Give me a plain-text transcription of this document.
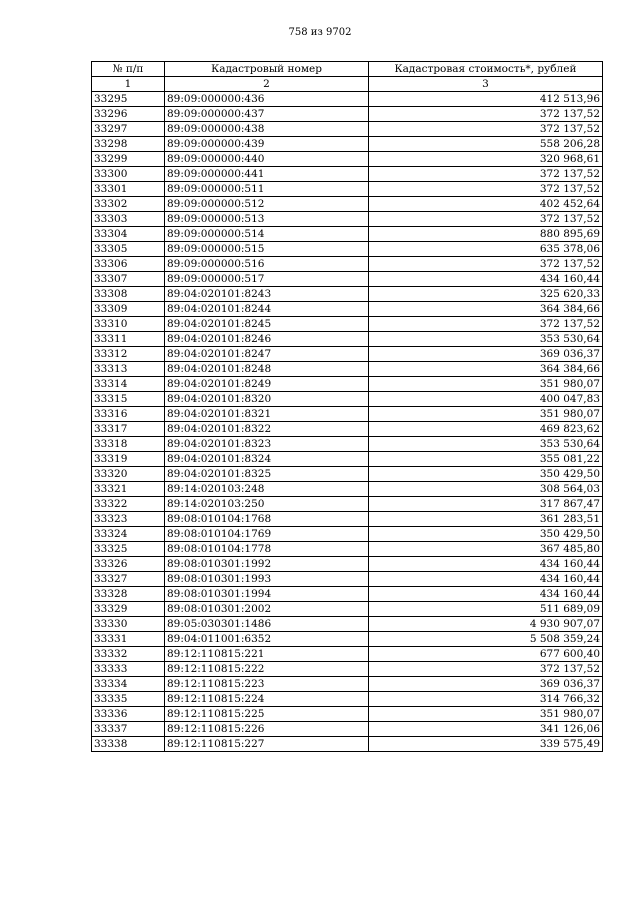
758 из 9702
№ п/п	Кадастровый номер	Кадастровая стоимость*, рублей
1	2	3
33295	89:09:000000:436	412 513,96
33296	89:09:000000:437	372 137,52
33297	89:09:000000:438	372 137,52
33298	89:09:000000:439	558 206,28
33299	89:09:000000:440	320 968,61
33300	89:09:000000:441	372 137,52
33301	89:09:000000:511	372 137,52
33302	89:09:000000:512	402 452,64
33303	89:09:000000:513	372 137,52
33304	89:09:000000:514	880 895,69
33305	89:09:000000:515	635 378,06
33306	89:09:000000:516	372 137,52
33307	89:09:000000:517	434 160,44
33308	89:04:020101:8243	325 620,33
33309	89:04:020101:8244	364 384,66
33310	89:04:020101:8245	372 137,52
33311	89:04:020101:8246	353 530,64
33312	89:04:020101:8247	369 036,37
33313	89:04:020101:8248	364 384,66
33314	89:04:020101:8249	351 980,07
33315	89:04:020101:8320	400 047,83
33316	89:04:020101:8321	351 980,07
33317	89:04:020101:8322	469 823,62
33318	89:04:020101:8323	353 530,64
33319	89:04:020101:8324	355 081,22
33320	89:04:020101:8325	350 429,50
33321	89:14:020103:248	308 564,03
33322	89:14:020103:250	317 867,47
33323	89:08:010104:1768	361 283,51
33324	89:08:010104:1769	350 429,50
33325	89:08:010104:1778	367 485,80
33326	89:08:010301:1992	434 160,44
33327	89:08:010301:1993	434 160,44
33328	89:08:010301:1994	434 160,44
33329	89:08:010301:2002	511 689,09
33330	89:05:030301:1486	4 930 907,07
33331	89:04:011001:6352	5 508 359,24
33332	89:12:110815:221	677 600,40
33333	89:12:110815:222	372 137,52
33334	89:12:110815:223	369 036,37
33335	89:12:110815:224	314 766,32
33336	89:12:110815:225	351 980,07
33337	89:12:110815:226	341 126,06
33338	89:12:110815:227	339 575,49
